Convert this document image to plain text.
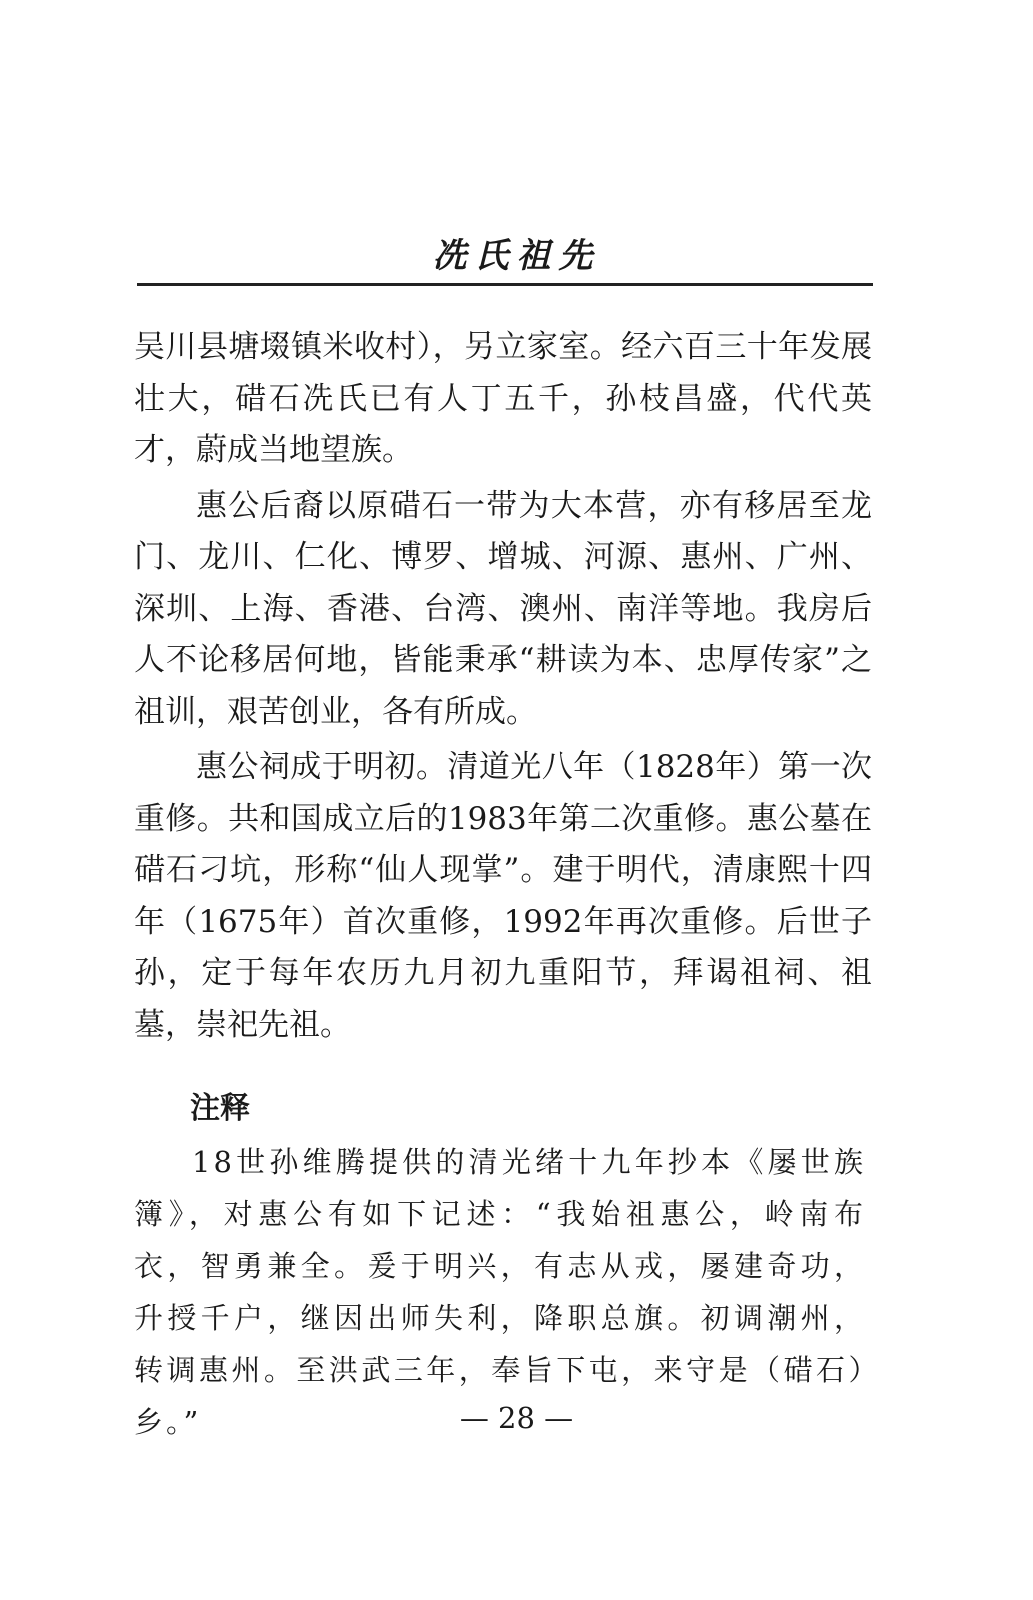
冼氏祖先

吴川县塘㙍镇米收村），另立家室。经六百三十年发展壮大，碏石冼氏已有人丁五千，孙枝昌盛，代代英才，蔚成当地望族。

惠公后裔以原碏石一带为大本营，亦有移居至龙门、龙川、仁化、博罗、增城、河源、惠州、广州、深圳、上海、香港、台湾、澳州、南洋等地。我房后人不论移居何地，皆能秉承“耕读为本、忠厚传家”之祖训，艰苦创业，各有所成。

惠公祠成于明初。清道光八年（1828年）第一次重修。共和国成立后的1983年第二次重修。惠公墓在碏石刁坑，形称“仙人现掌”。建于明代，清康熙十四年（1675年）首次重修，1992年再次重修。后世子孙，定于每年农历九月初九重阳节，拜谒祖祠、祖墓，崇祀先祖。

注释

18世孙维腾提供的清光绪十九年抄本《屡世族簿》，对惠公有如下记述：“我始祖惠公，岭南布衣，智勇兼全。爰于明兴，有志从戎，屡建奇功，升授千户，继因出师失利，降职总旗。初调潮州，转调惠州。至洪武三年，奉旨下屯，来守是（碏石）乡。”	— 28 —
